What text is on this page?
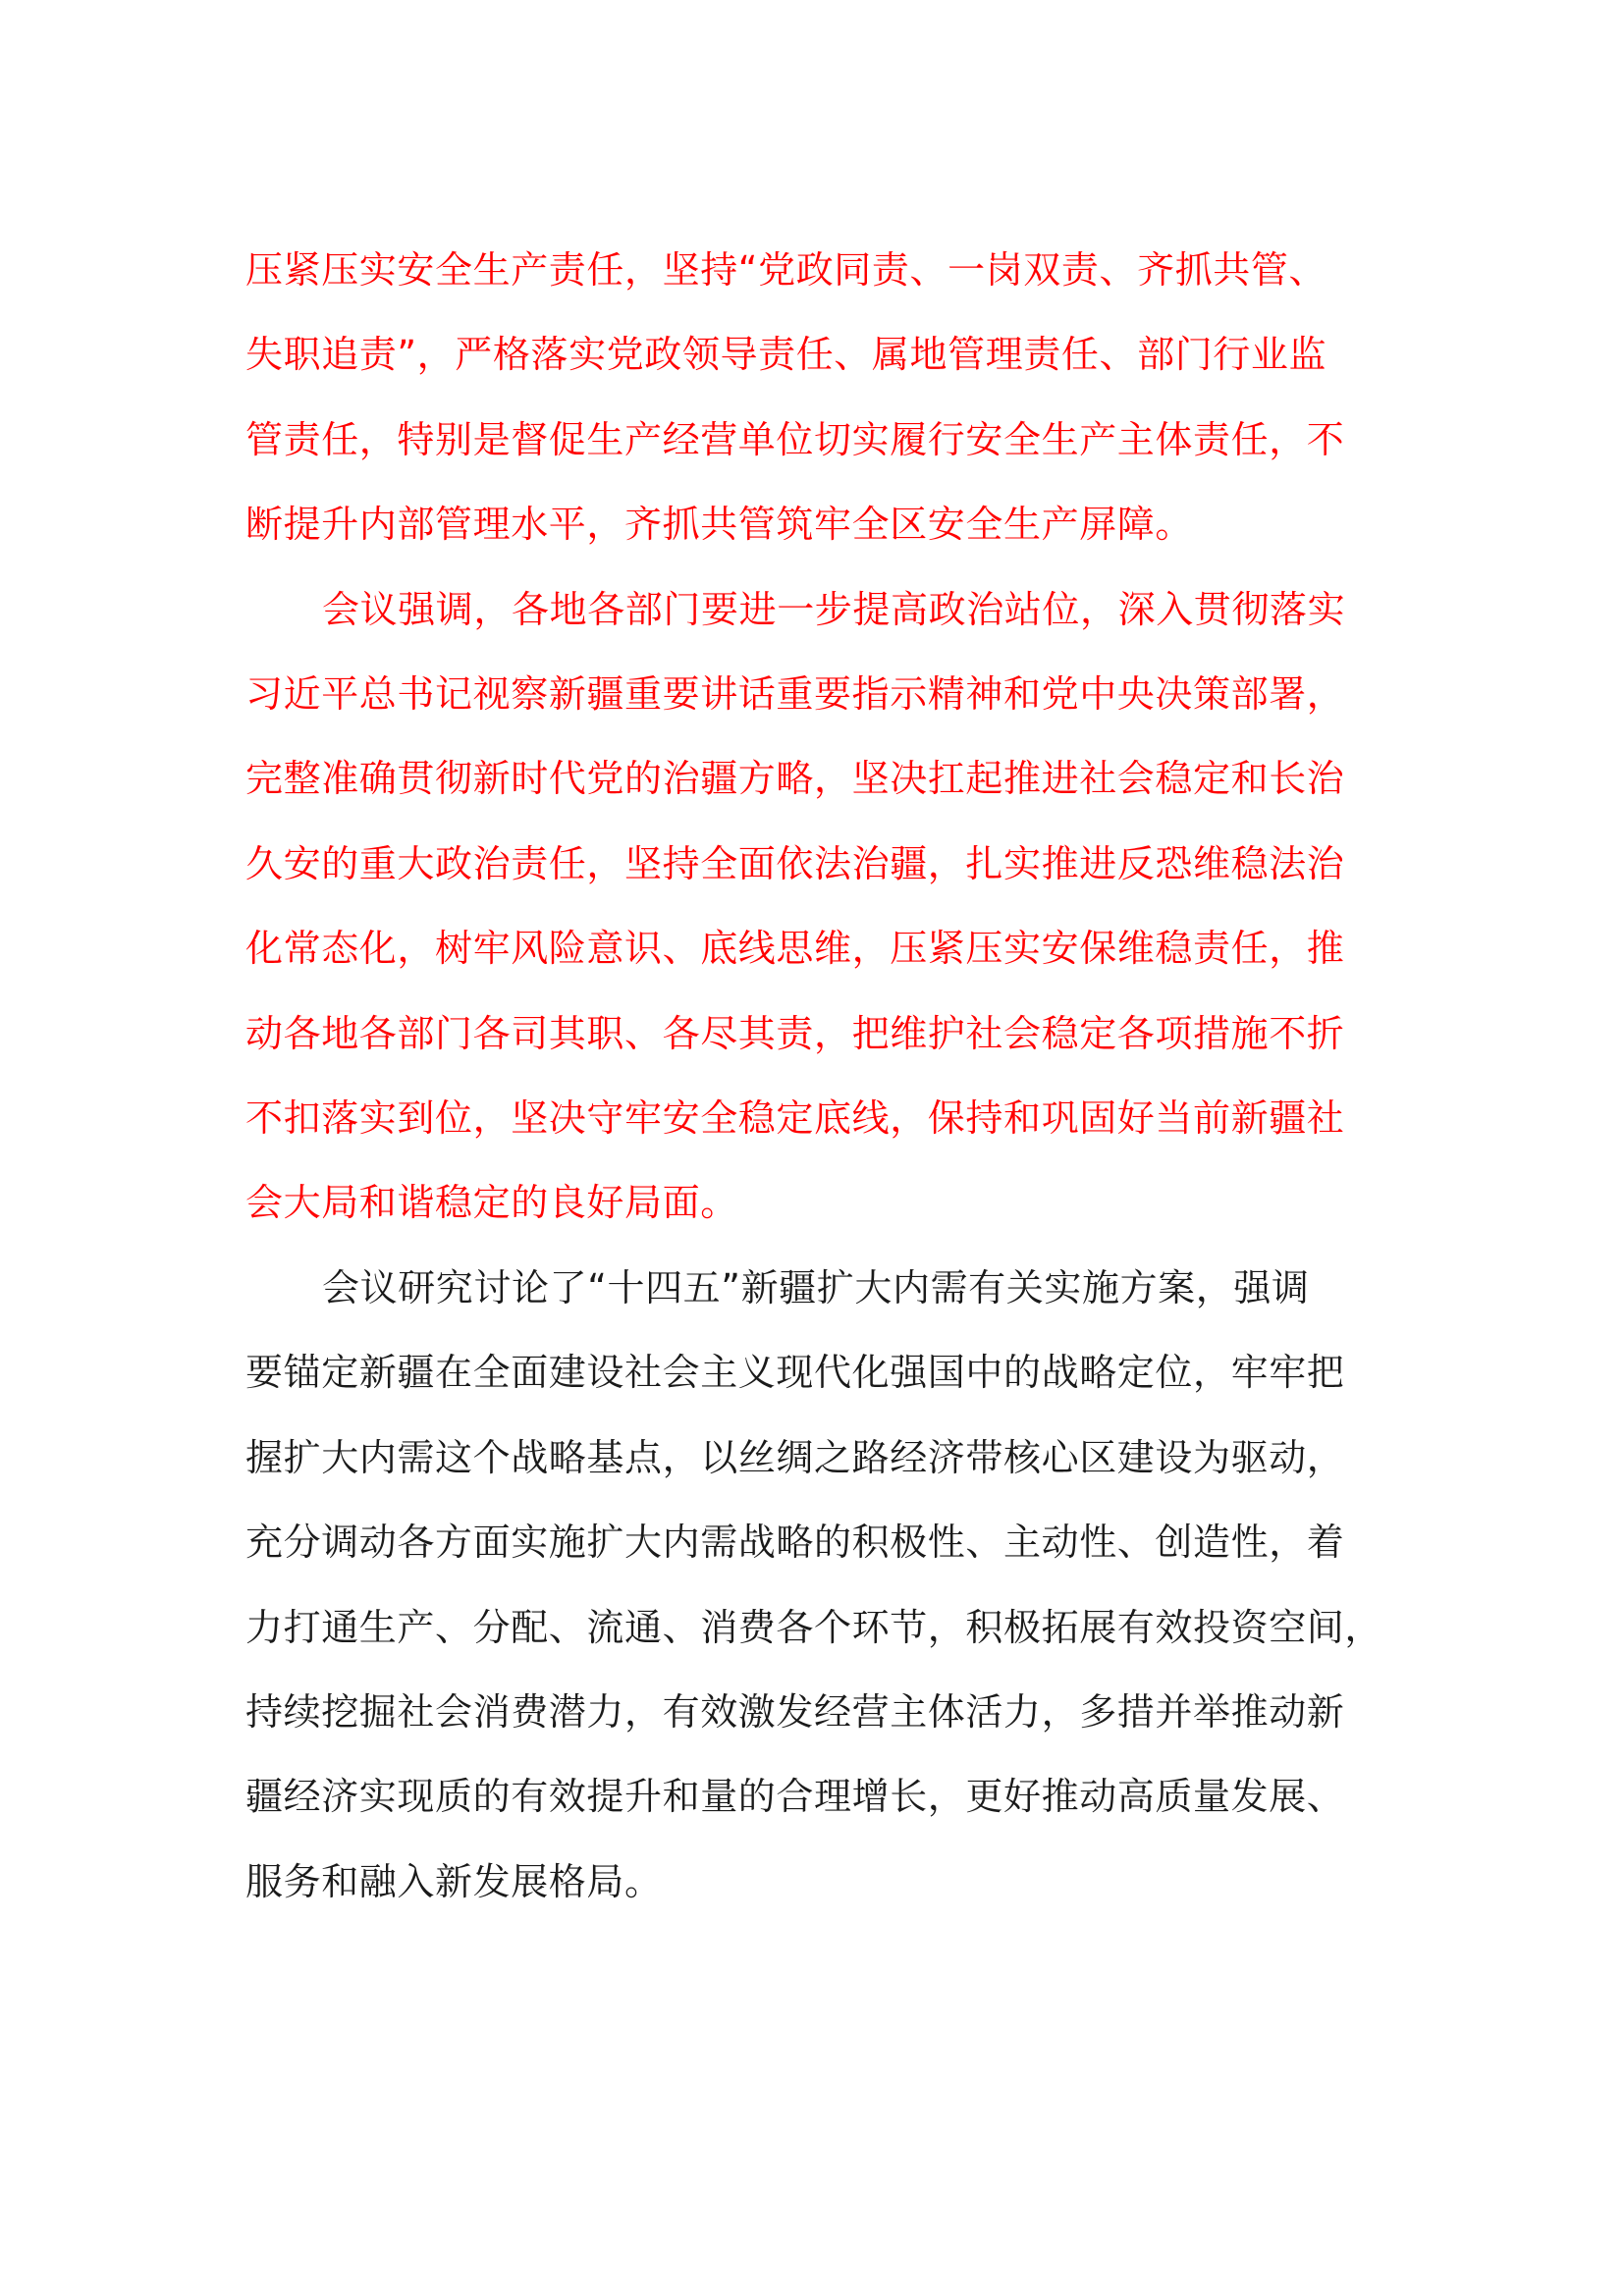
压紧压实安全生产责任，坚持“党政同责、一岗双责、齐抓共管、
失职追责”，严格落实党政领导责任、属地管理责任、部门行业监
管责任，特别是督促生产经营单位切实履行安全生产主体责任，不
断提升内部管理水平，齐抓共管筑牢全区安全生产屏障。
会议强调，各地各部门要进一步提高政治站位，深入贯彻落实
习近平总书记视察新疆重要讲话重要指示精神和党中央决策部署，
完整准确贯彻新时代党的治疆方略，坚决扛起推进社会稳定和长治
久安的重大政治责任，坚持全面依法治疆，扎实推进反恐维稳法治
化常态化，树牢风险意识、底线思维，压紧压实安保维稳责任，推
动各地各部门各司其职、各尽其责，把维护社会稳定各项措施不折
不扣落实到位，坚决守牢安全稳定底线，保持和巩固好当前新疆社
会大局和谐稳定的良好局面。
会议研究讨论了“十四五”新疆扩大内需有关实施方案，强调
要锚定新疆在全面建设社会主义现代化强国中的战略定位，牢牢把
握扩大内需这个战略基点，以丝绸之路经济带核心区建设为驱动，
充分调动各方面实施扩大内需战略的积极性、主动性、创造性，着
力打通生产、分配、流通、消费各个环节，积极拓展有效投资空间，
持续挖掘社会消费潜力，有效激发经营主体活力，多措并举推动新
疆经济实现质的有效提升和量的合理增长，更好推动高质量发展、
服务和融入新发展格局。
